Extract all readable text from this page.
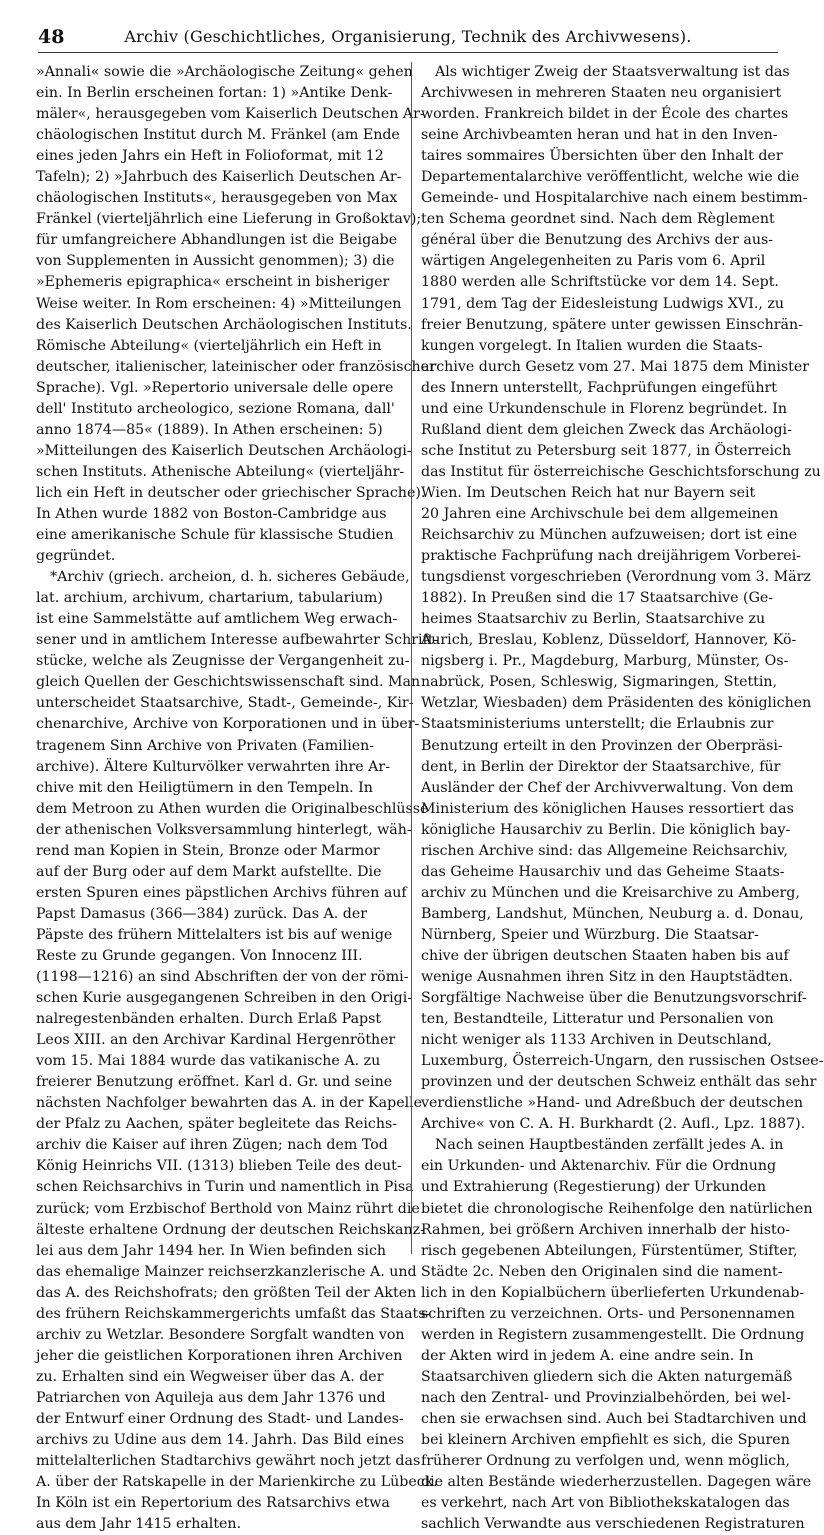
48	Archiv (Geschichtliches, Organisierung, Technik des Archivwesens).
»Annali« sowie die »Archäologische Zeitung« gehen
ein. In Berlin erscheinen fortan: 1) »Antike Denk-
mäler«, herausgegeben vom Kaiserlich Deutschen Ar-
chäologischen Institut durch M. Fränkel (am Ende
eines jeden Jahrs ein Heft in Folioformat, mit 12
Tafeln); 2) »Jahrbuch des Kaiserlich Deutschen Ar-
chäologischen Instituts«, herausgegeben von Max
Fränkel (vierteljährlich eine Lieferung in Großoktav);
für umfangreichere Abhandlungen ist die Beigabe
von Supplementen in Aussicht genommen); 3) die
»Ephemeris epigraphica« erscheint in bisheriger
Weise weiter. In Rom erscheinen: 4) »Mitteilungen
des Kaiserlich Deutschen Archäologischen Instituts.
Römische Abteilung« (vierteljährlich ein Heft in
deutscher, italienischer, lateinischer oder französischer
Sprache). Vgl. »Repertorio universale delle opere
dell' Instituto archeologico, sezione Romana, dall'
anno 1874—85« (1889). In Athen erscheinen: 5)
»Mitteilungen des Kaiserlich Deutschen Archäologi-
schen Instituts. Athenische Abteilung« (vierteljähr-
lich ein Heft in deutscher oder griechischer Sprache).
In Athen wurde 1882 von Boston-Cambridge aus
eine amerikanische Schule für klassische Studien
gegründet.
*Archiv (griech. archeion, d. h. sicheres Gebäude,
lat. archium, archivum, chartarium, tabularium)
ist eine Sammelstätte auf amtlichem Weg erwach-
sener und in amtlichem Interesse aufbewahrter Schrift-
stücke, welche als Zeugnisse der Vergangenheit zu-
gleich Quellen der Geschichtswissenschaft sind. Man
unterscheidet Staatsarchive, Stadt-, Gemeinde-, Kir-
chenarchive, Archive von Korporationen und in über-
tragenem Sinn Archive von Privaten (Familien-
archive). Ältere Kulturvölker verwahrten ihre Ar-
chive mit den Heiligtümern in den Tempeln. In
dem Metroon zu Athen wurden die Originalbeschlüsse
der athenischen Volksversammlung hinterlegt, wäh-
rend man Kopien in Stein, Bronze oder Marmor
auf der Burg oder auf dem Markt aufstellte. Die
ersten Spuren eines päpstlichen Archivs führen auf
Papst Damasus (366—384) zurück. Das A. der
Päpste des frühern Mittelalters ist bis auf wenige
Reste zu Grunde gegangen. Von Innocenz III.
(1198—1216) an sind Abschriften der von der römi-
schen Kurie ausgegangenen Schreiben in den Origi-
nalregestenbänden erhalten. Durch Erlaß Papst
Leos XIII. an den Archivar Kardinal Hergenröther
vom 15. Mai 1884 wurde das vatikanische A. zu
freierer Benutzung eröffnet. Karl d. Gr. und seine
nächsten Nachfolger bewahrten das A. in der Kapelle
der Pfalz zu Aachen, später begleitete das Reichs-
archiv die Kaiser auf ihren Zügen; nach dem Tod
König Heinrichs VII. (1313) blieben Teile des deut-
schen Reichsarchivs in Turin und namentlich in Pisa
zurück; vom Erzbischof Berthold von Mainz rührt die
älteste erhaltene Ordnung der deutschen Reichskanz-
lei aus dem Jahr 1494 her. In Wien befinden sich
das ehemalige Mainzer reichserzkanzlerische A. und
das A. des Reichshofrats; den größten Teil der Akten
des frühern Reichskammergerichts umfaßt das Staats-
archiv zu Wetzlar. Besondere Sorgfalt wandten von
jeher die geistlichen Korporationen ihren Archiven
zu. Erhalten sind ein Wegweiser über das A. der
Patriarchen von Aquileja aus dem Jahr 1376 und
der Entwurf einer Ordnung des Stadt- und Landes-
archivs zu Udine aus dem 14. Jahrh. Das Bild eines
mittelalterlichen Stadtarchivs gewährt noch jetzt das
A. über der Ratskapelle in der Marienkirche zu Lübeck.
In Köln ist ein Repertorium des Ratsarchivs etwa
aus dem Jahr 1415 erhalten.
Als wichtiger Zweig der Staatsverwaltung ist das
Archivwesen in mehreren Staaten neu organisiert
worden. Frankreich bildet in der École des chartes
seine Archivbeamten heran und hat in den Inven-
taires sommaires Übersichten über den Inhalt der
Departementalarchive veröffentlicht, welche wie die
Gemeinde- und Hospitalarchive nach einem bestimm-
ten Schema geordnet sind. Nach dem Règlement
général über die Benutzung des Archivs der aus-
wärtigen Angelegenheiten zu Paris vom 6. April
1880 werden alle Schriftstücke vor dem 14. Sept.
1791, dem Tag der Eidesleistung Ludwigs XVI., zu
freier Benutzung, spätere unter gewissen Einschrän-
kungen vorgelegt. In Italien wurden die Staats-
archive durch Gesetz vom 27. Mai 1875 dem Minister
des Innern unterstellt, Fachprüfungen eingeführt
und eine Urkundenschule in Florenz begründet. In
Rußland dient dem gleichen Zweck das Archäologi-
sche Institut zu Petersburg seit 1877, in Österreich
das Institut für österreichische Geschichtsforschung zu
Wien. Im Deutschen Reich hat nur Bayern seit
20 Jahren eine Archivschule bei dem allgemeinen
Reichsarchiv zu München aufzuweisen; dort ist eine
praktische Fachprüfung nach dreijährigem Vorberei-
tungsdienst vorgeschrieben (Verordnung vom 3. März
1882). In Preußen sind die 17 Staatsarchive (Ge-
heimes Staatsarchiv zu Berlin, Staatsarchive zu
Aurich, Breslau, Koblenz, Düsseldorf, Hannover, Kö-
nigsberg i. Pr., Magdeburg, Marburg, Münster, Os-
nabrück, Posen, Schleswig, Sigmaringen, Stettin,
Wetzlar, Wiesbaden) dem Präsidenten des königlichen
Staatsministeriums unterstellt; die Erlaubnis zur
Benutzung erteilt in den Provinzen der Oberpräsi-
dent, in Berlin der Direktor der Staatsarchive, für
Ausländer der Chef der Archivverwaltung. Von dem
Ministerium des königlichen Hauses ressortiert das
königliche Hausarchiv zu Berlin. Die königlich bay-
rischen Archive sind: das Allgemeine Reichsarchiv,
das Geheime Hausarchiv und das Geheime Staats-
archiv zu München und die Kreisarchive zu Amberg,
Bamberg, Landshut, München, Neuburg a. d. Donau,
Nürnberg, Speier und Würzburg. Die Staatsar-
chive der übrigen deutschen Staaten haben bis auf
wenige Ausnahmen ihren Sitz in den Hauptstädten.
Sorgfältige Nachweise über die Benutzungsvorschrif-
ten, Bestandteile, Litteratur und Personalien von
nicht weniger als 1133 Archiven in Deutschland,
Luxemburg, Österreich-Ungarn, den russischen Ostsee-
provinzen und der deutschen Schweiz enthält das sehr
verdienstliche »Hand- und Adreßbuch der deutschen
Archive« von C. A. H. Burkhardt (2. Aufl., Lpz. 1887).
Nach seinen Hauptbeständen zerfällt jedes A. in
ein Urkunden- und Aktenarchiv. Für die Ordnung
und Extrahierung (Regestierung) der Urkunden
bietet die chronologische Reihenfolge den natürlichen
Rahmen, bei größern Archiven innerhalb der histo-
risch gegebenen Abteilungen, Fürstentümer, Stifter,
Städte 2c. Neben den Originalen sind die nament-
lich in den Kopialbüchern überlieferten Urkundenab-
schriften zu verzeichnen. Orts- und Personennamen
werden in Registern zusammengestellt. Die Ordnung
der Akten wird in jedem A. eine andre sein. In
Staatsarchiven gliedern sich die Akten naturgemäß
nach den Zentral- und Provinzialbehörden, bei wel-
chen sie erwachsen sind. Auch bei Stadtarchiven und
bei kleinern Archiven empfiehlt es sich, die Spuren
früherer Ordnung zu verfolgen und, wenn möglich,
die alten Bestände wiederherzustellen. Dagegen wäre
es verkehrt, nach Art von Bibliothekskatalogen das
sachlich Verwandte aus verschiedenen Registraturen
